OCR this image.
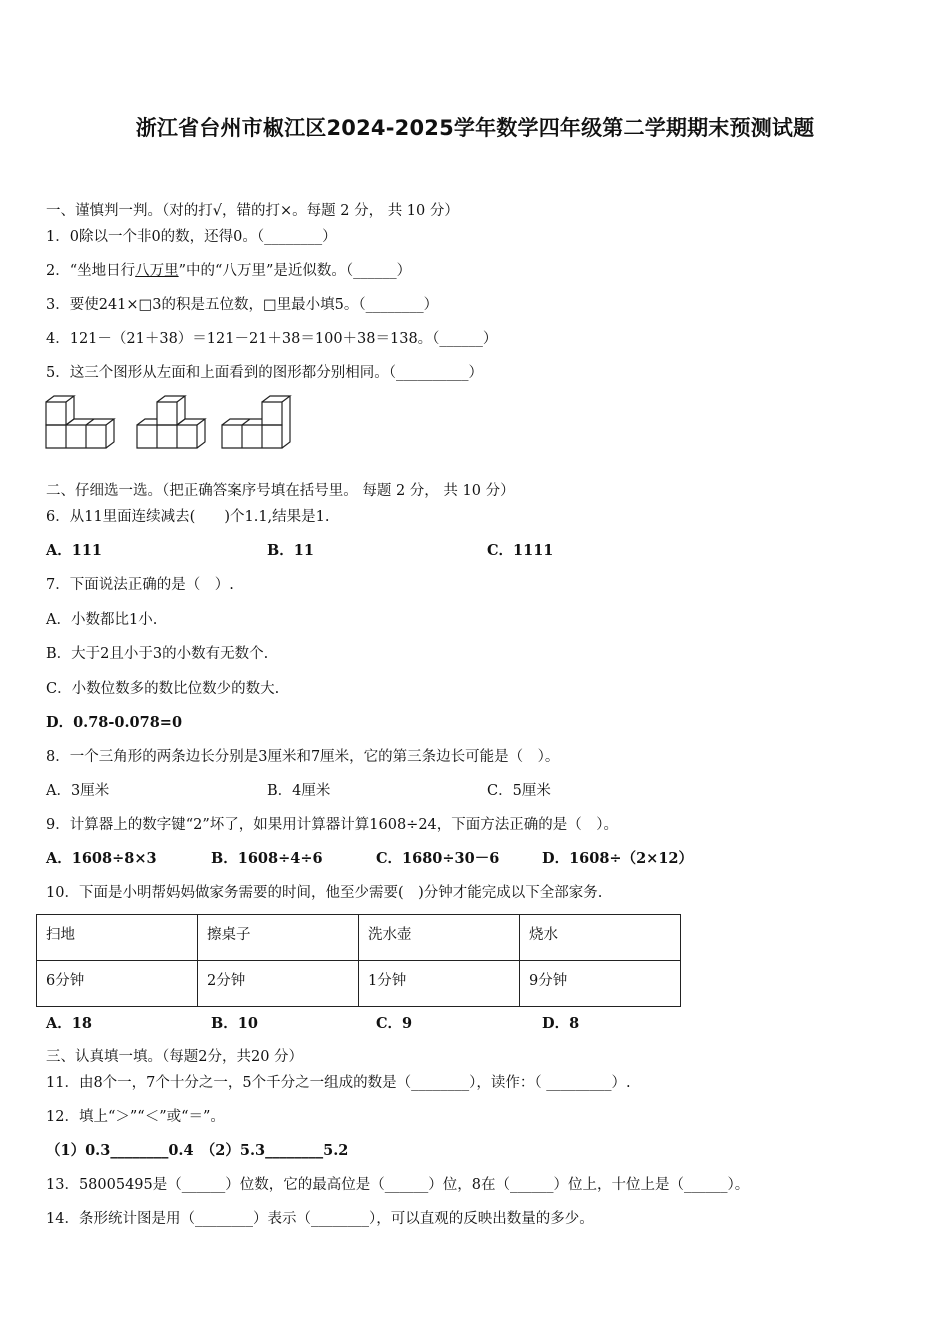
浙江省台州市椒江区2024-2025学年数学四年级第二学期期末预测试题
一、谨慎判一判。（对的打√，错的打×。每题 2 分， 共 10 分）
1．0除以一个非0的数，还得0。（________）
2．“坐地日行八万里”中的“八万里”是近似数。（______）
3．要使241×□3的积是五位数，□里最小填5。（________）
4．121－（21＋38）＝121－21＋38＝100＋38＝138。（______）
5．这三个图形从左面和上面看到的图形都分别相同。（__________）
二、仔细选一选。（把正确答案序号填在括号里。 每题 2 分， 共 10 分）
6．从11里面连续减去(　　)个1.1,结果是1.
A．111	B．11	C．1111
7．下面说法正确的是（　）.
A．小数都比1小.
B．大于2且小于3的小数有无数个.
C．小数位数多的数比位数少的数大.
D．0.78-0.078=0
8．一个三角形的两条边长分别是3厘米和7厘米，它的第三条边长可能是（　）。
A．3厘米	B．4厘米	C．5厘米
9．计算器上的数字键“2”坏了，如果用计算器计算1608÷24，下面方法正确的是（　）。
A．1608÷8×3	B．1608÷4÷6	C．1680÷30－6	D．1608÷（2×12）
10．下面是小明帮妈妈做家务需要的时间，他至少需要(　)分钟才能完成以下全部家务.
扫地	擦桌子	洗水壶	烧水
6分钟	2分钟	1分钟	9分钟
A．18	B．10	C．9	D．8
三、认真填一填。（每题2分，共20 分）
11．由8个一，7个十分之一，5个千分之一组成的数是（________），读作：（ _________）.
12．填上“＞”“＜”或“＝”。
（1）0.3________0.4　（2）5.3________5.2
13．58005495是（______）位数，它的最高位是（______）位，8在（______）位上，十位上是（______）。
14．条形统计图是用（________）表示（________），可以直观的反映出数量的多少。
